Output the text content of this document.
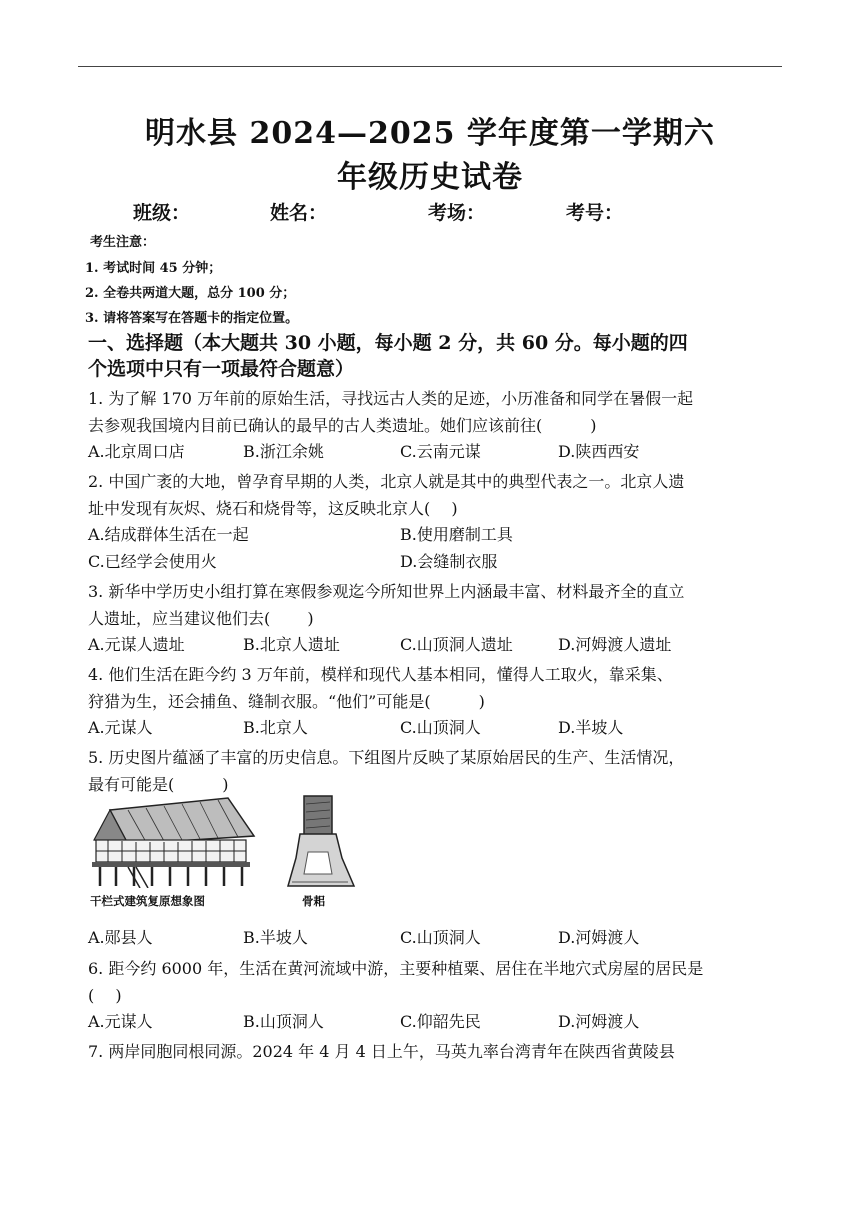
明水县 2024—2025 学年度第一学期六
年级历史试卷
班级：	姓名：	考场：	考号：
考生注意：
1. 考试时间 45 分钟；
2. 全卷共两道大题，总分 100 分；
3. 请将答案写在答题卡的指定位置。
一、选择题（本大题共 30 小题，每小题 2 分，共 60 分。每小题的四
个选项中只有一项最符合题意）
1. 为了解 170 万年前的原始生活，寻找远古人类的足迹，小历准备和同学在暑假一起
去参观我国境内目前已确认的最早的古人类遗址。她们应该前往(　　　)
A.北京周口店	B.浙江余姚	C.云南元谋	D.陕西西安
2. 中国广袤的大地，曾孕育早期的人类，北京人就是其中的典型代表之一。北京人遗
址中发现有灰烬、烧石和烧骨等，这反映北京人(　 )
A.结成群体生活在一起	B.使用磨制工具
C.已经学会使用火	D.会缝制衣服
3. 新华中学历史小组打算在寒假参观迄今所知世界上内涵最丰富、材料最齐全的直立
人遗址，应当建议他们去(　　 )
A.元谋人遗址	B.北京人遗址	C.山顶洞人遗址	D.河姆渡人遗址
4. 他们生活在距今约 3 万年前，模样和现代人基本相同，懂得人工取火，靠采集、
狩猎为生，还会捕鱼、缝制衣服。“他们”可能是(　　　)
A.元谋人	B.北京人	C.山顶洞人	D.半坡人
5. 历史图片蕴涵了丰富的历史信息。下组图片反映了某原始居民的生产、生活情况，
最有可能是(　　　)
干栏式建筑复原想象图	骨耜
A.郧县人	B.半坡人	C.山顶洞人	D.河姆渡人
6. 距今约 6000 年，生活在黄河流域中游，主要种植粟、居住在半地穴式房屋的居民是
(　 )
A.元谋人	B.山顶洞人	C.仰韶先民	D.河姆渡人
7. 两岸同胞同根同源。2024 年 4 月 4 日上午，马英九率台湾青年在陕西省黄陵县
